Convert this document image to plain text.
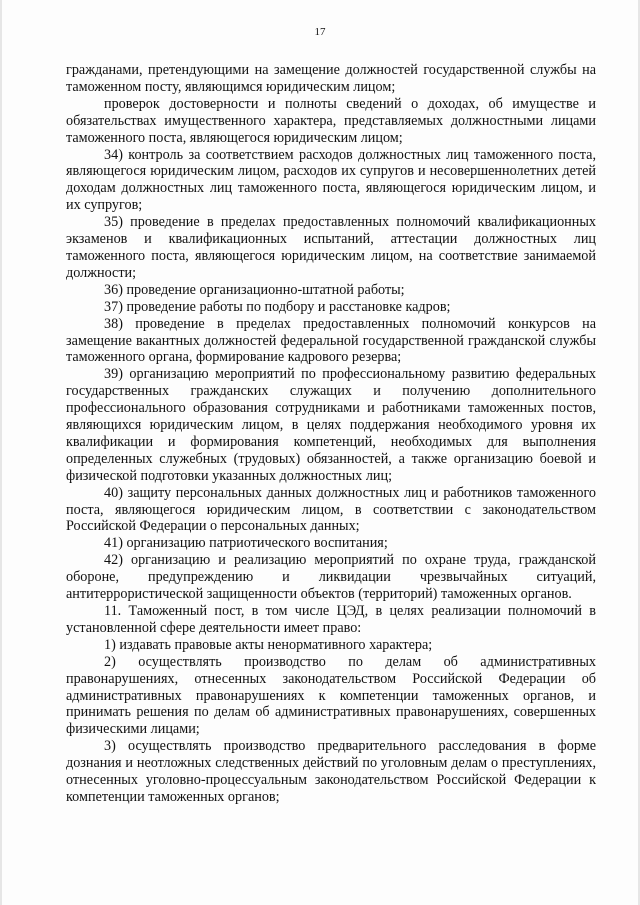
17

гражданами, претендующими на замещение должностей государственной службы на таможенном посту, являющимся юридическим лицом;

проверок достоверности и полноты сведений о доходах, об имуществе и обязательствах имущественного характера, представляемых должностными лицами таможенного поста, являющегося юридическим лицом;

34) контроль за соответствием расходов должностных лиц таможенного поста, являющегося юридическим лицом, расходов их супругов и несовершеннолетних детей доходам должностных лиц таможенного поста, являющегося юридическим лицом, и их супругов;

35) проведение в пределах предоставленных полномочий квалификационных экзаменов и квалификационных испытаний, аттестации должностных лиц таможенного поста, являющегося юридическим лицом, на соответствие занимаемой должности;

36) проведение организационно-штатной работы;

37) проведение работы по подбору и расстановке кадров;

38) проведение в пределах предоставленных полномочий конкурсов на замещение вакантных должностей федеральной государственной гражданской службы таможенного органа, формирование кадрового резерва;

39) организацию мероприятий по профессиональному развитию федеральных государственных гражданских служащих и получению дополнительного профессионального образования сотрудниками и работниками таможенных постов, являющихся юридическим лицом, в целях поддержания необходимого уровня их квалификации и формирования компетенций, необходимых для выполнения определенных служебных (трудовых) обязанностей, а также организацию боевой и физической подготовки указанных должностных лиц;

40) защиту персональных данных должностных лиц и работников таможенного поста, являющегося юридическим лицом, в соответствии с законодательством Российской Федерации о персональных данных;

41) организацию патриотического воспитания;

42) организацию и реализацию мероприятий по охране труда, гражданской обороне, предупреждению и ликвидации чрезвычайных ситуаций, антитеррористической защищенности объектов (территорий) таможенных органов.

11. Таможенный пост, в том числе ЦЭД, в целях реализации полномочий в установленной сфере деятельности имеет право:

1) издавать правовые акты ненормативного характера;

2) осуществлять производство по делам об административных правонарушениях, отнесенных законодательством Российской Федерации об административных правонарушениях к компетенции таможенных органов, и принимать решения по делам об административных правонарушениях, совершенных физическими лицами;

3) осуществлять производство предварительного расследования в форме дознания и неотложных следственных действий по уголовным делам о преступлениях, отнесенных уголовно-процессуальным законодательством Российской Федерации к компетенции таможенных органов;
